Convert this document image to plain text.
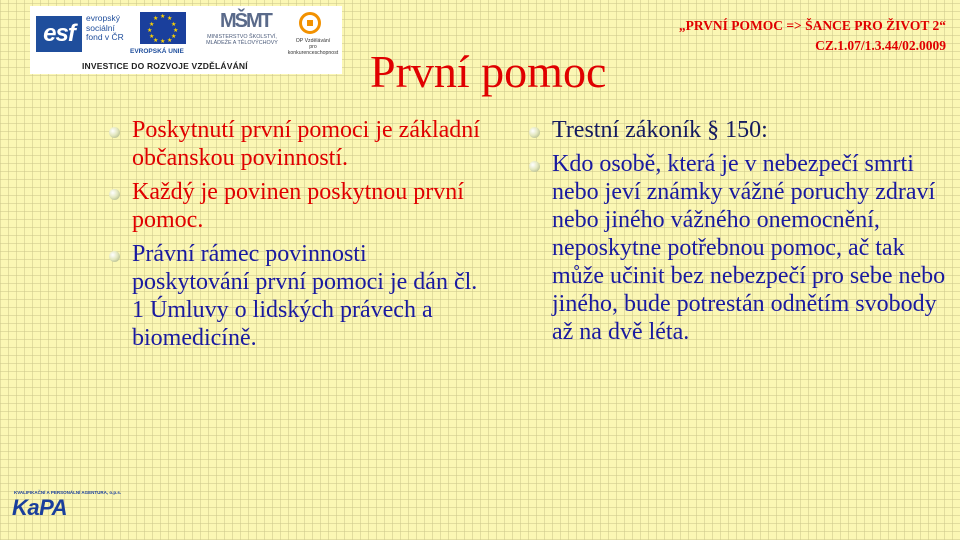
esf
evropský
sociální
fond v ČR
★ ★
★
★
★
★
★
★
★
★
★
★
EVROPSKÁ UNIE
MŠMT
MINISTERSTVO ŠKOLSTVÍ,
MLÁDEŽE A TĚLOVÝCHOVY	OP Vzdělávání
pro konkurenceschopnost
INVESTICE DO ROZVOJE VZDĚLÁVÁNÍ
„PRVNÍ POMOC => ŠANCE PRO ŽIVOT 2“
CZ.1.07/1.3.44/02.0009
První pomoc
Poskytnutí první pomoci je základní občanskou povinností.
Každý je povinen poskytnou první pomoc.
Právní rámec povinnosti poskytování první pomoci je dán čl. 1 Úmluvy o lidských právech a biomedicíně.
Trestní zákoník § 150:
Kdo osobě, která je v nebezpečí smrti nebo jeví známky vážné poruchy zdraví nebo jiného vážného onemocnění, neposkytne potřebnou pomoc, ač tak může učinit bez nebezpečí pro sebe nebo jiného, bude potrestán odnětím svobody až na dvě léta.
KVALIFIKAČNÍ A PERSONÁLNÍ AGENTURA, o.p.s.
KaPA
